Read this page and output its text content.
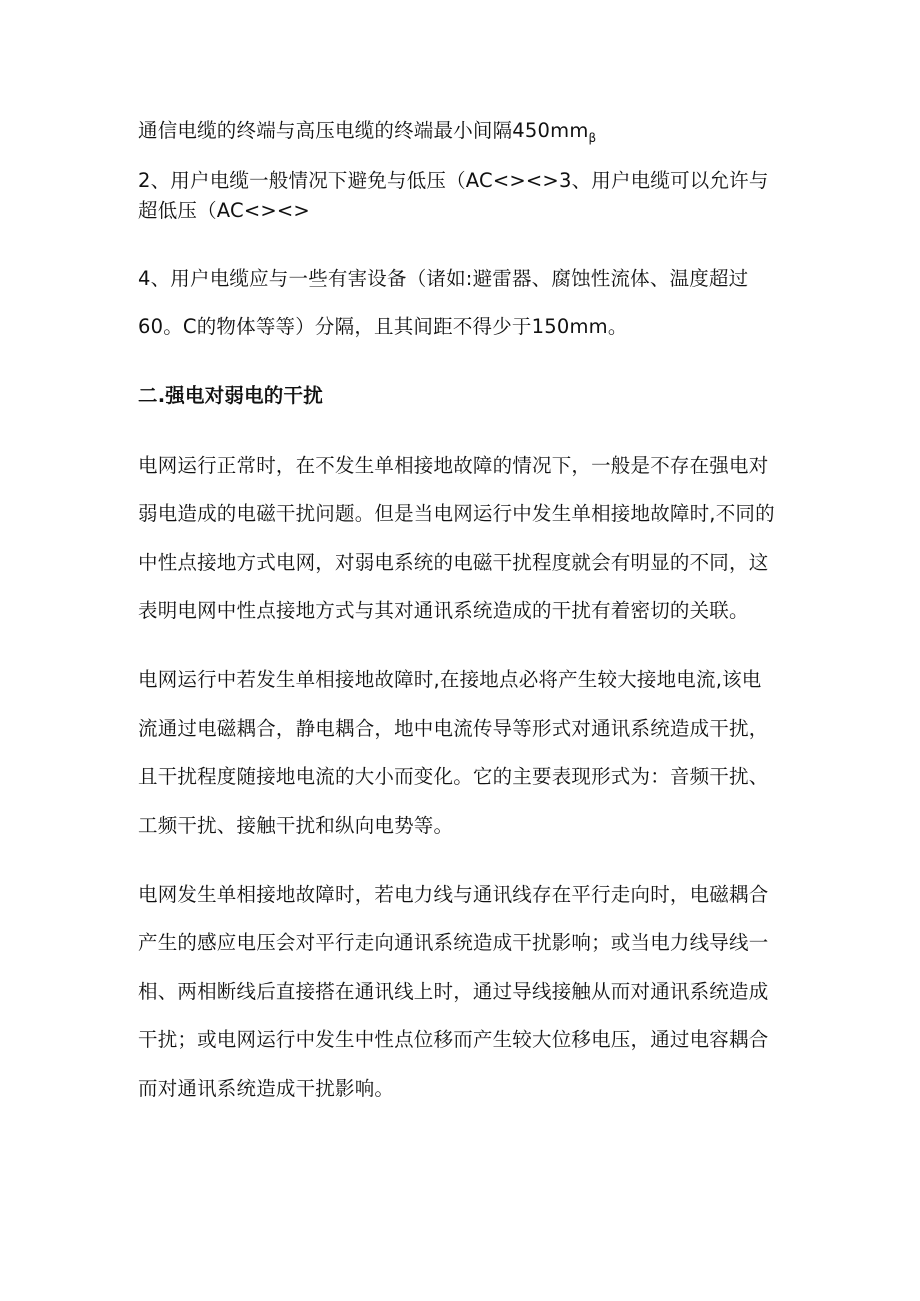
通信电缆的终端与高压电缆的终端最小间隔$450mm_\beta$
2、用户电缆一般情况下避免与低压（AC<><>3、用户电缆可以允许与
超低压（AC<><>
4、用户电缆应与一些有害设备（诸如:避雷器、腐蚀性流体、温度超过
60。C的物体等等）分隔，且其间距不得少于150mm。
二.强电对弱电的干扰
电网运行正常时，在不发生单相接地故障的情况下，一般是不存在强电对
弱电造成的电磁干扰问题。但是当电网运行中发生单相接地故障时,不同的
中性点接地方式电网，对弱电系统的电磁干扰程度就会有明显的不同，这
表明电网中性点接地方式与其对通讯系统造成的干扰有着密切的关联。
电网运行中若发生单相接地故障时,在接地点必将产生较大接地电流,该电
流通过电磁耦合，静电耦合，地中电流传导等形式对通讯系统造成干扰，
且干扰程度随接地电流的大小而变化。它的主要表现形式为：音频干扰、
工频干扰、接触干扰和纵向电势等。
电网发生单相接地故障时，若电力线与通讯线存在平行走向时，电磁耦合
产生的感应电压会对平行走向通讯系统造成干扰影响；或当电力线导线一
相、两相断线后直接搭在通讯线上时，通过导线接触从而对通讯系统造成
干扰；或电网运行中发生中性点位移而产生较大位移电压，通过电容耦合
而对通讯系统造成干扰影响。
